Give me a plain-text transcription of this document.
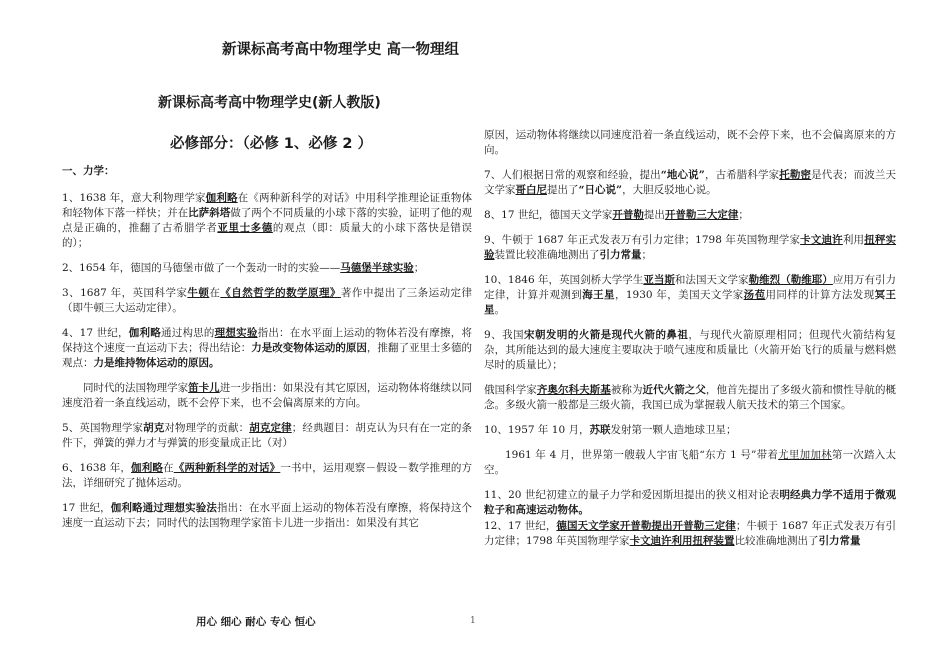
新课标高考高中物理学史 高一物理组
新课标高考高中物理学史(新人教版)
必修部分：（必修 1、必修 2 ）

一、力学：

1、1638 年，意大利物理学家伽利略在《两种新科学的对话》中用科学推理论证重物体和轻物体下落一样快；并在比萨斜塔做了两个不同质量的小球下落的实验，证明了他的观点是正确的，推翻了古希腊学者亚里士多德的观点（即：质量大的小球下落快是错误的）；

2、1654 年，德国的马德堡市做了一个轰动一时的实验——马德堡半球实验；

3、1687 年，英国科学家牛顿在《自然哲学的数学原理》著作中提出了三条运动定律（即牛顿三大运动定律）。

4、17 世纪，伽利略通过构思的理想实验指出：在水平面上运动的物体若没有摩擦，将保持这个速度一直运动下去；得出结论：力是改变物体运动的原因，推翻了亚里士多德的观点：力是维持物体运动的原因。

同时代的法国物理学家笛卡儿进一步指出：如果没有其它原因，运动物体将继续以同速度沿着一条直线运动，既不会停下来，也不会偏离原来的方向。

5、英国物理学家胡克对物理学的贡献：胡克定律；经典题目：胡克认为只有在一定的条件下，弹簧的弹力才与弹簧的形变量成正比（对）

6、1638 年，伽利略在《两种新科学的对话》一书中，运用观察－假设－数学推理的方法，详细研究了抛体运动。

17 世纪，伽利略通过理想实验法指出：在水平面上运动的物体若没有摩擦，将保持这个速度一直运动下去；同时代的法国物理学家笛卡儿进一步指出：如果没有其它

原因，运动物体将继续以同速度沿着一条直线运动，既不会停下来，也不会偏离原来的方向。

7、人们根据日常的观察和经验，提出“地心说”，古希腊科学家托勒密是代表；而波兰天文学家哥白尼提出了“日心说”，大胆反驳地心说。

8、17 世纪，德国天文学家开普勒提出开普勒三大定律；

9、牛顿于 1687 年正式发表万有引力定律；1798 年英国物理学家卡文迪许利用扭秤实验装置比较准确地测出了引力常量；

10、1846 年，英国剑桥大学学生亚当斯和法国天文学家勒维烈（勒维耶）应用万有引力定律，计算并观测到海王星，1930 年，美国天文学家汤苞用同样的计算方法发现冥王星。

9、我国宋朝发明的火箭是现代火箭的鼻祖，与现代火箭原理相同；但现代火箭结构复杂，其所能达到的最大速度主要取决于喷气速度和质量比（火箭开始飞行的质量与燃料燃尽时的质量比）；

俄国科学家齐奥尔科夫斯基被称为近代火箭之父，他首先提出了多级火箭和惯性导航的概念。多级火箭一般都是三级火箭，我国已成为掌握载人航天技术的第三个国家。

10、1957 年 10 月，苏联发射第一颗人造地球卫星；

1961 年 4 月，世界第一艘载人宇宙飞船“东方 1 号”带着尤里加加林第一次踏入太空。

11、20 世纪初建立的量子力学和爱因斯坦提出的狭义相对论表明经典力学不适用于微观粒子和高速运动物体。

12、17 世纪，德国天文学家开普勒提出开普勒三定律；牛顿于 1687 年正式发表万有引力定律；1798 年英国物理学家卡文迪许利用扭秤装置比较准确地测出了引力常量

用心 细心 耐心 专心 恒心	1
